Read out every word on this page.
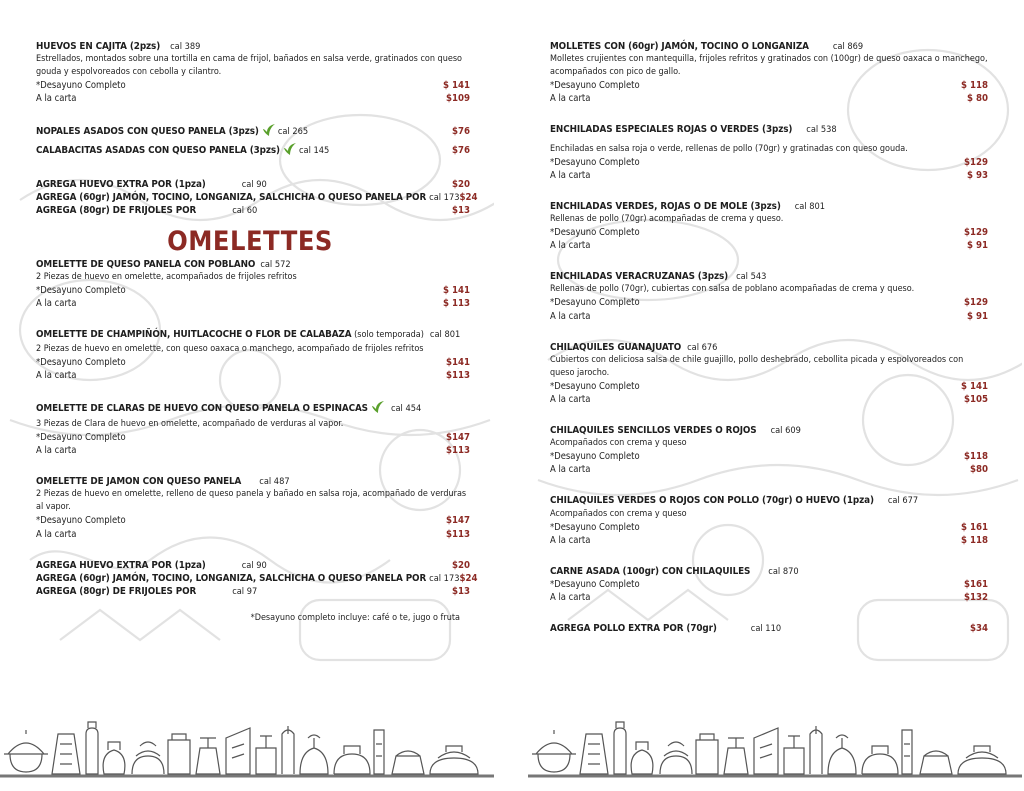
HUEVOS EN CAJITA (2pzs) cal 389
Estrellados, montados sobre una tortilla en cama de frijol, bañados en salsa verde, gratinados con queso gouda y espolvoreados con cebolla y cilantro.
*Desayuno Completo	$ 141
A la carta	$109
NOPALES ASADOS CON QUESO PANELA (3pzs) cal 265	$76
CALABACITAS ASADAS CON QUESO PANELA (3pzs) cal 145	$76
AGREGA HUEVO EXTRA POR (1pza)	cal 90	$20
AGREGA (60gr) JAMÓN, TOCINO, LONGANIZA, SALCHICHA O QUESO PANELA POR cal 173 $24
AGREGA (80gr) DE FRIJOLES POR	cal 60	$13
OMELETTES
OMELETTE DE QUESO PANELA CON POBLANO cal 572
2 Piezas de huevo en omelette, acompañados de frijoles refritos
*Desayuno Completo	$ 141
A la carta	$ 113
OMELETTE DE CHAMPIÑÓN, HUITLACOCHE O FLOR DE CALABAZA (solo temporada) cal 801
2 Piezas de huevo en omelette, con queso oaxaca o manchego, acompañado de frijoles refritos
*Desayuno Completo	$141
A la carta	$113
OMELETTE DE CLARAS DE HUEVO CON QUESO PANELA O ESPINACAS	cal 454
3 Piezas de Clara de huevo en omelette, acompañado de verduras al vapor.
*Desayuno Completo	$147
A la carta	$113
OMELETTE DE JAMON CON QUESO PANELA cal 487
2 Piezas de huevo en omelette, relleno de queso panela y bañado en salsa roja, acompañado de verduras al vapor.
*Desayuno Completo	$147
A la carta	$113
AGREGA HUEVO EXTRA POR (1pza)	cal 90	$20
AGREGA (60gr) JAMÓN, TOCINO, LONGANIZA, SALCHICHA O QUESO PANELA POR cal 173 $24
AGREGA (80gr) DE FRIJOLES POR	cal 97	$13
*Desayuno completo incluye: café o te, jugo o fruta
MOLLETES CON (60gr) JAMÓN, TOCINO O LONGANIZA	cal 869
Molletes crujientes con mantequilla, frijoles refritos y gratinados con (100gr) de queso oaxaca o manchego, acompañados con pico de gallo.
*Desayuno Completo	$ 118
A la carta	$ 80
ENCHILADAS ESPECIALES ROJAS O VERDES (3pzs) cal 538
Enchiladas en salsa roja o verde, rellenas de pollo (70gr) y gratinadas con queso gouda.
*Desayuno Completo	$129
A la carta	$ 93
ENCHILADAS VERDES, ROJAS O DE MOLE (3pzs) cal 801
Rellenas de pollo (70gr) acompañadas de crema y queso.
*Desayuno Completo	$129
A la carta	$ 91
ENCHILADAS VERACRUZANAS (3pzs) cal 543
Rellenas de pollo (70gr), cubiertas con salsa de poblano acompañadas de crema y queso.
*Desayuno Completo	$129
A la carta	$ 91
CHILAQUILES GUANAJUATO cal 676
Cubiertos con deliciosa salsa de chile guajillo, pollo deshebrado, cebollita picada y espolvoreados con queso jarocho.
*Desayuno Completo	$ 141
A la carta	$105
CHILAQUILES SENCILLOS VERDES O ROJOS cal 609
Acompañados con crema y queso
*Desayuno Completo	$118
A la carta	$80
CHILAQUILES VERDES O ROJOS CON POLLO (70gr) O HUEVO (1pza) cal 677
Acompañados con crema y queso
*Desayuno Completo	$ 161
A la carta	$ 118
CARNE ASADA (100gr) CON CHILAQUILES cal 870
*Desayuno Completo	$161
A la carta	$132
AGREGA POLLO EXTRA POR (70gr)	cal 110	$34
